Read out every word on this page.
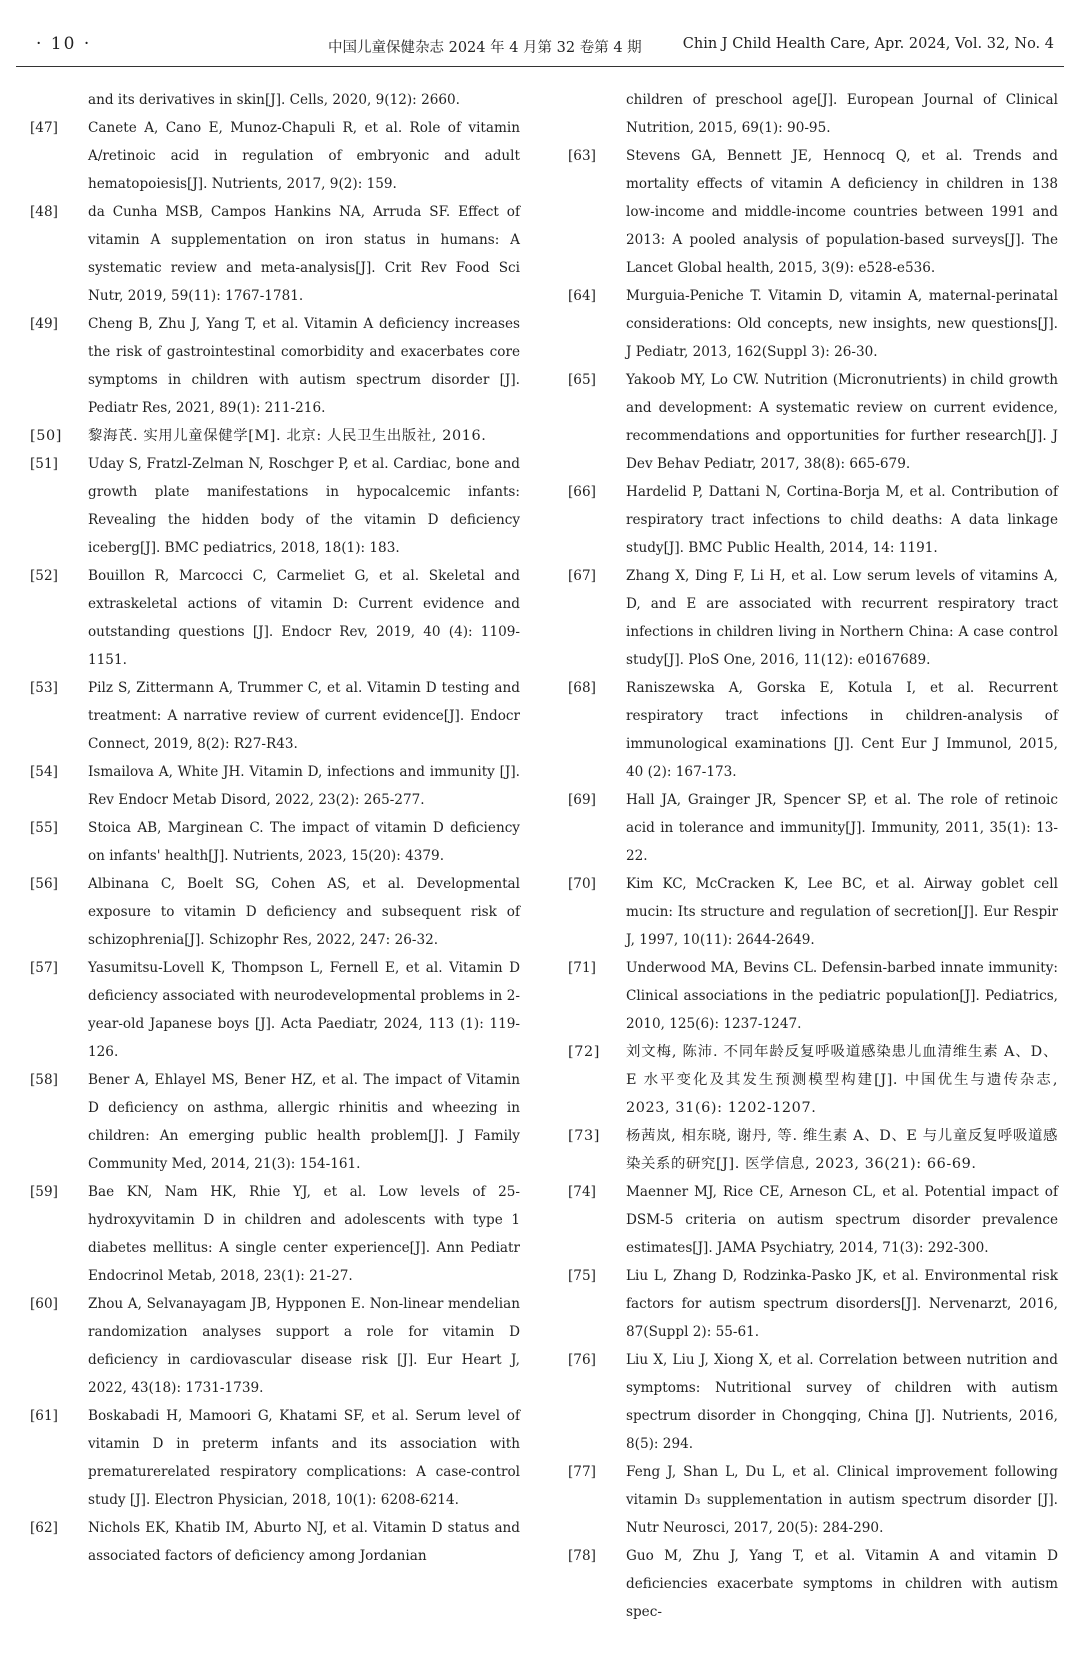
· 10 ·	中国儿童保健杂志 2024 年 4 月第 32 卷第 4 期	Chin J Child Health Care, Apr. 2024, Vol. 32, No. 4
and its derivatives in skin[J]. Cells, 2020, 9(12): 2660.
[47] Canete A, Cano E, Munoz-Chapuli R, et al. Role of vitamin A/retinoic acid in regulation of embryonic and adult hematopoiesis[J]. Nutrients, 2017, 9(2): 159.
[48] da Cunha MSB, Campos Hankins NA, Arruda SF. Effect of vitamin A supplementation on iron status in humans: A systematic review and meta-analysis[J]. Crit Rev Food Sci Nutr, 2019, 59(11): 1767-1781.
[49] Cheng B, Zhu J, Yang T, et al. Vitamin A deficiency increases the risk of gastrointestinal comorbidity and exacerbates core symptoms in children with autism spectrum disorder [J]. Pediatr Res, 2021, 89(1): 211-216.
[50] 黎海芪. 实用儿童保健学[M]. 北京: 人民卫生出版社, 2016.
[51] Uday S, Fratzl-Zelman N, Roschger P, et al. Cardiac, bone and growth plate manifestations in hypocalcemic infants: Revealing the hidden body of the vitamin D deficiency iceberg[J]. BMC pediatrics, 2018, 18(1): 183.
[52] Bouillon R, Marcocci C, Carmeliet G, et al. Skeletal and extraskeletal actions of vitamin D: Current evidence and outstanding questions [J]. Endocr Rev, 2019, 40 (4): 1109-1151.
[53] Pilz S, Zittermann A, Trummer C, et al. Vitamin D testing and treatment: A narrative review of current evidence[J]. Endocr Connect, 2019, 8(2): R27-R43.
[54] Ismailova A, White JH. Vitamin D, infections and immunity [J]. Rev Endocr Metab Disord, 2022, 23(2): 265-277.
[55] Stoica AB, Marginean C. The impact of vitamin D deficiency on infants' health[J]. Nutrients, 2023, 15(20): 4379.
[56] Albinana C, Boelt SG, Cohen AS, et al. Developmental exposure to vitamin D deficiency and subsequent risk of schizophrenia[J]. Schizophr Res, 2022, 247: 26-32.
[57] Yasumitsu-Lovell K, Thompson L, Fernell E, et al. Vitamin D deficiency associated with neurodevelopmental problems in 2-year-old Japanese boys [J]. Acta Paediatr, 2024, 113 (1): 119-126.
[58] Bener A, Ehlayel MS, Bener HZ, et al. The impact of Vitamin D deficiency on asthma, allergic rhinitis and wheezing in children: An emerging public health problem[J]. J Family Community Med, 2014, 21(3): 154-161.
[59] Bae KN, Nam HK, Rhie YJ, et al. Low levels of 25-hydroxyvitamin D in children and adolescents with type 1 diabetes mellitus: A single center experience[J]. Ann Pediatr Endocrinol Metab, 2018, 23(1): 21-27.
[60] Zhou A, Selvanayagam JB, Hypponen E. Non-linear mendelian randomization analyses support a role for vitamin D deficiency in cardiovascular disease risk [J]. Eur Heart J, 2022, 43(18): 1731-1739.
[61] Boskabadi H, Mamoori G, Khatami SF, et al. Serum level of vitamin D in preterm infants and its association with prematurerelated respiratory complications: A case-control study [J]. Electron Physician, 2018, 10(1): 6208-6214.
[62] Nichols EK, Khatib IM, Aburto NJ, et al. Vitamin D status and associated factors of deficiency among Jordanian
children of preschool age[J]. European Journal of Clinical Nutrition, 2015, 69(1): 90-95.
[63] Stevens GA, Bennett JE, Hennocq Q, et al. Trends and mortality effects of vitamin A deficiency in children in 138 low-income and middle-income countries between 1991 and 2013: A pooled analysis of population-based surveys[J]. The Lancet Global health, 2015, 3(9): e528-e536.
[64] Murguia-Peniche T. Vitamin D, vitamin A, maternal-perinatal considerations: Old concepts, new insights, new questions[J]. J Pediatr, 2013, 162(Suppl 3): 26-30.
[65] Yakoob MY, Lo CW. Nutrition (Micronutrients) in child growth and development: A systematic review on current evidence, recommendations and opportunities for further research[J]. J Dev Behav Pediatr, 2017, 38(8): 665-679.
[66] Hardelid P, Dattani N, Cortina-Borja M, et al. Contribution of respiratory tract infections to child deaths: A data linkage study[J]. BMC Public Health, 2014, 14: 1191.
[67] Zhang X, Ding F, Li H, et al. Low serum levels of vitamins A, D, and E are associated with recurrent respiratory tract infections in children living in Northern China: A case control study[J]. PloS One, 2016, 11(12): e0167689.
[68] Raniszewska A, Gorska E, Kotula I, et al. Recurrent respiratory tract infections in children-analysis of immunological examinations [J]. Cent Eur J Immunol, 2015, 40 (2): 167-173.
[69] Hall JA, Grainger JR, Spencer SP, et al. The role of retinoic acid in tolerance and immunity[J]. Immunity, 2011, 35(1): 13-22.
[70] Kim KC, McCracken K, Lee BC, et al. Airway goblet cell mucin: Its structure and regulation of secretion[J]. Eur Respir J, 1997, 10(11): 2644-2649.
[71] Underwood MA, Bevins CL. Defensin-barbed innate immunity: Clinical associations in the pediatric population[J]. Pediatrics, 2010, 125(6): 1237-1247.
[72] 刘文梅, 陈沛. 不同年龄反复呼吸道感染患儿血清维生素 A、D、E 水平变化及其发生预测模型构建[J]. 中国优生与遗传杂志, 2023, 31(6): 1202-1207.
[73] 杨茜岚, 相东晓, 谢丹, 等. 维生素 A、D、E 与儿童反复呼吸道感染关系的研究[J]. 医学信息, 2023, 36(21): 66-69.
[74] Maenner MJ, Rice CE, Arneson CL, et al. Potential impact of DSM-5 criteria on autism spectrum disorder prevalence estimates[J]. JAMA Psychiatry, 2014, 71(3): 292-300.
[75] Liu L, Zhang D, Rodzinka-Pasko JK, et al. Environmental risk factors for autism spectrum disorders[J]. Nervenarzt, 2016, 87(Suppl 2): 55-61.
[76] Liu X, Liu J, Xiong X, et al. Correlation between nutrition and symptoms: Nutritional survey of children with autism spectrum disorder in Chongqing, China [J]. Nutrients, 2016, 8(5): 294.
[77] Feng J, Shan L, Du L, et al. Clinical improvement following vitamin D₃ supplementation in autism spectrum disorder [J]. Nutr Neurosci, 2017, 20(5): 284-290.
[78] Guo M, Zhu J, Yang T, et al. Vitamin A and vitamin D deficiencies exacerbate symptoms in children with autism spec-
